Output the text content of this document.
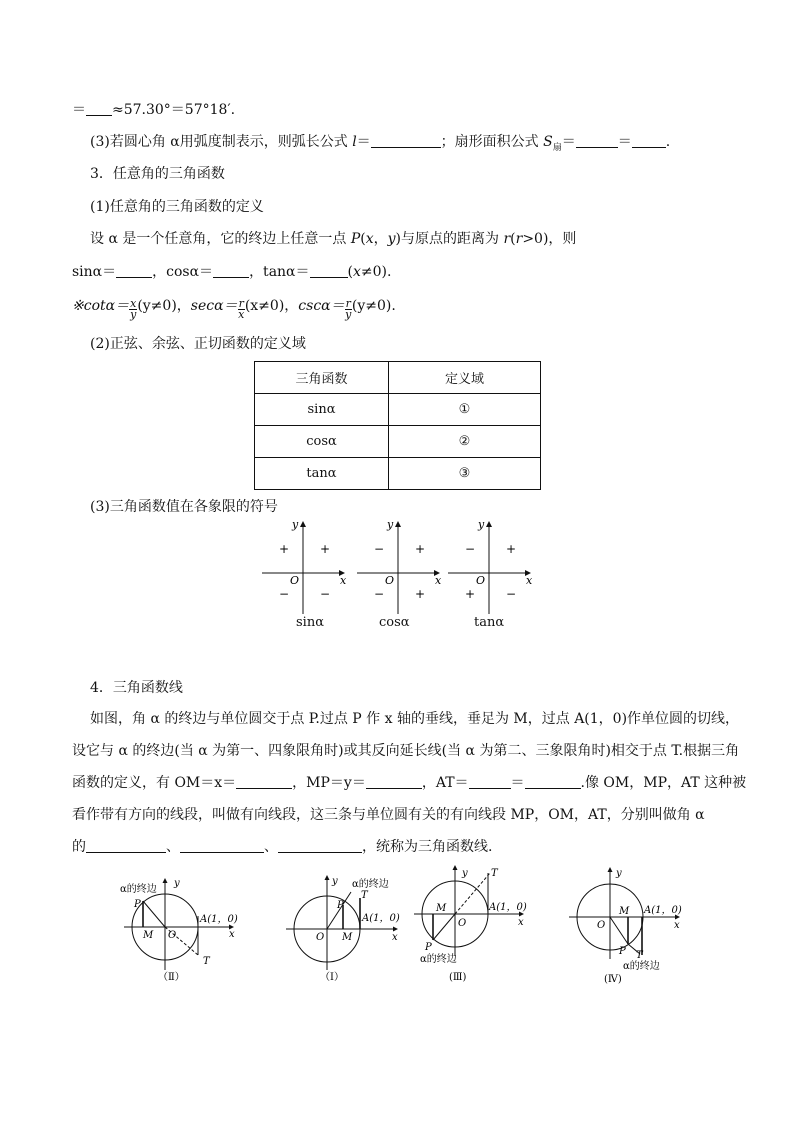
＝ ≈57.30°＝57°18′.
(3)若圆心角 α用弧度制表示，则弧长公式 l＝	；扇形面积公式 $S_扇=$	＝ .
3．任意角的三角函数
(1)任意角的三角函数的定义
设 α 是一个任意角，它的终边上任意一点 P(x，y)与原点的距离为 r(r>0)，则
sinα＝	，cosα＝	，tanα＝	(x≠0).
※cotα＝ $\frac{x}{y} (y\ne 0)$，$\sec\alpha= \frac{r}{x} (x\ne 0)$，$\csc\alpha= \frac{r}{y} (y\ne 0)$.
(2)正弦、余弦、正切函数的定义域
三角函数	定义域
sinα	①
cosα	②
tanα	③
(3)三角函数值在各象限的符号
x
y
O
+	+
−	−
x
y
O
−	+
−	+
x
y
O
−	+
+	−
sinα	cosα	tanα
4．三角函数线
如图，角 α 的终边与单位圆交于点 P.过点 P 作 x 轴的垂线，垂足为 M，过点 A(1，0)作单位圆的切线，
设它与 α 的终边(当 α 为第一、四象限角时)或其反向延长线(当 α 为第二、三象限角时)相交于点 T.根据三角
函数的定义，有 OM＝x＝	，MP＝y＝	，AT＝	＝	.像 OM，MP，AT 这种被
看作带有方向的线段，叫做有向线段，这三条与单位圆有关的有向线段 MP，OM，AT，分别叫做角 α
的	、	、	，统称为三角函数线.
α的终边
y
x
P
M O
A(1，0)
T
（Ⅱ）
α的终边
y
x
P
M
O
A(1，0)
T
（Ⅰ）
y
x
T
M
O
A(1，0)
P
α的终边
(Ⅲ)
y
x
M
O
A(1，0)
P T
α的终边
(Ⅳ)
